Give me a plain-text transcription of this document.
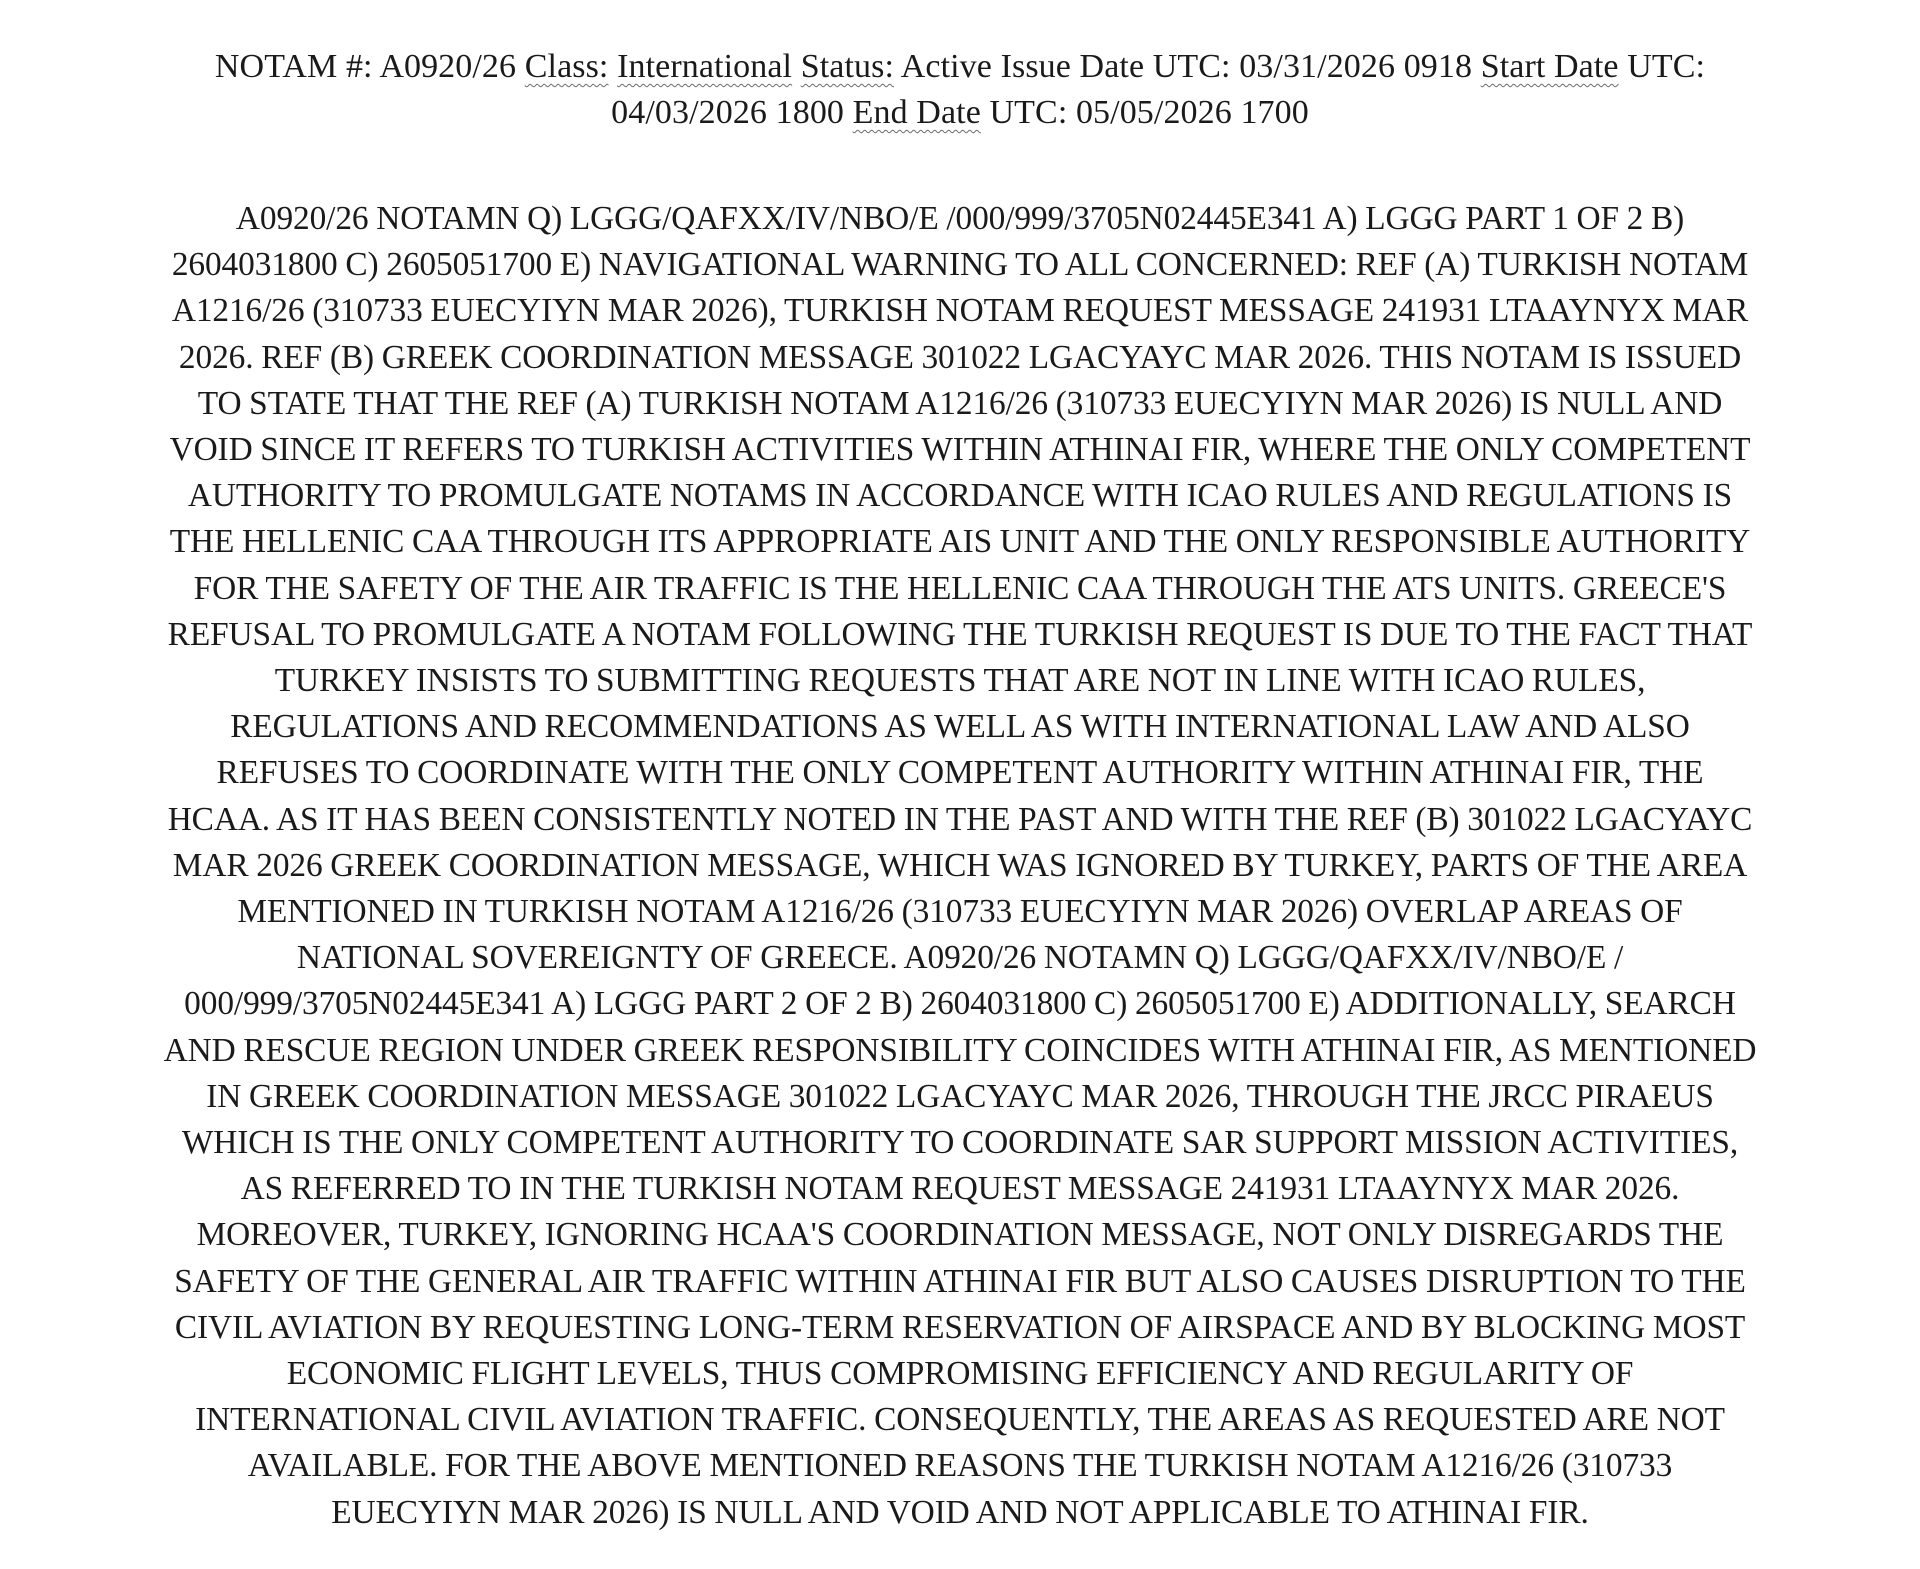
NOTAM #: A0920/26 Class: International Status: Active Issue Date UTC: 03/31/2026 0918 Start Date UTC:
04/03/2026 1800 End Date UTC: 05/05/2026 1700
A0920/26 NOTAMN Q) LGGG/QAFXX/IV/NBO/E /000/999/3705N02445E341 A) LGGG PART 1 OF 2 B)
2604031800 C) 2605051700 E) NAVIGATIONAL WARNING TO ALL CONCERNED: REF (A) TURKISH NOTAM
A1216/26 (310733 EUECYIYN MAR 2026), TURKISH NOTAM REQUEST MESSAGE 241931 LTAAYNYX MAR
2026. REF (B) GREEK COORDINATION MESSAGE 301022 LGACYAYC MAR 2026. THIS NOTAM IS ISSUED
TO STATE THAT THE REF (A) TURKISH NOTAM A1216/26 (310733 EUECYIYN MAR 2026) IS NULL AND
VOID SINCE IT REFERS TO TURKISH ACTIVITIES WITHIN ATHINAI FIR, WHERE THE ONLY COMPETENT
AUTHORITY TO PROMULGATE NOTAMS IN ACCORDANCE WITH ICAO RULES AND REGULATIONS IS
THE HELLENIC CAA THROUGH ITS APPROPRIATE AIS UNIT AND THE ONLY RESPONSIBLE AUTHORITY
FOR THE SAFETY OF THE AIR TRAFFIC IS THE HELLENIC CAA THROUGH THE ATS UNITS. GREECE'S
REFUSAL TO PROMULGATE A NOTAM FOLLOWING THE TURKISH REQUEST IS DUE TO THE FACT THAT
TURKEY INSISTS TO SUBMITTING REQUESTS THAT ARE NOT IN LINE WITH ICAO RULES,
REGULATIONS AND RECOMMENDATIONS AS WELL AS WITH INTERNATIONAL LAW AND ALSO
REFUSES TO COORDINATE WITH THE ONLY COMPETENT AUTHORITY WITHIN ATHINAI FIR, THE
HCAA. AS IT HAS BEEN CONSISTENTLY NOTED IN THE PAST AND WITH THE REF (B) 301022 LGACYAYC
MAR 2026 GREEK COORDINATION MESSAGE, WHICH WAS IGNORED BY TURKEY, PARTS OF THE AREA
MENTIONED IN TURKISH NOTAM A1216/26 (310733 EUECYIYN MAR 2026) OVERLAP AREAS OF
NATIONAL SOVEREIGNTY OF GREECE. A0920/26 NOTAMN Q) LGGG/QAFXX/IV/NBO/E /
000/999/3705N02445E341 A) LGGG PART 2 OF 2 B) 2604031800 C) 2605051700 E) ADDITIONALLY, SEARCH
AND RESCUE REGION UNDER GREEK RESPONSIBILITY COINCIDES WITH ATHINAI FIR, AS MENTIONED
IN GREEK COORDINATION MESSAGE 301022 LGACYAYC MAR 2026, THROUGH THE JRCC PIRAEUS
WHICH IS THE ONLY COMPETENT AUTHORITY TO COORDINATE SAR SUPPORT MISSION ACTIVITIES,
AS REFERRED TO IN THE TURKISH NOTAM REQUEST MESSAGE 241931 LTAAYNYX MAR 2026.
MOREOVER, TURKEY, IGNORING HCAA'S COORDINATION MESSAGE, NOT ONLY DISREGARDS THE
SAFETY OF THE GENERAL AIR TRAFFIC WITHIN ATHINAI FIR BUT ALSO CAUSES DISRUPTION TO THE
CIVIL AVIATION BY REQUESTING LONG-TERM RESERVATION OF AIRSPACE AND BY BLOCKING MOST
ECONOMIC FLIGHT LEVELS, THUS COMPROMISING EFFICIENCY AND REGULARITY OF
INTERNATIONAL CIVIL AVIATION TRAFFIC. CONSEQUENTLY, THE AREAS AS REQUESTED ARE NOT
AVAILABLE. FOR THE ABOVE MENTIONED REASONS THE TURKISH NOTAM A1216/26 (310733
EUECYIYN MAR 2026) IS NULL AND VOID AND NOT APPLICABLE TO ATHINAI FIR.
